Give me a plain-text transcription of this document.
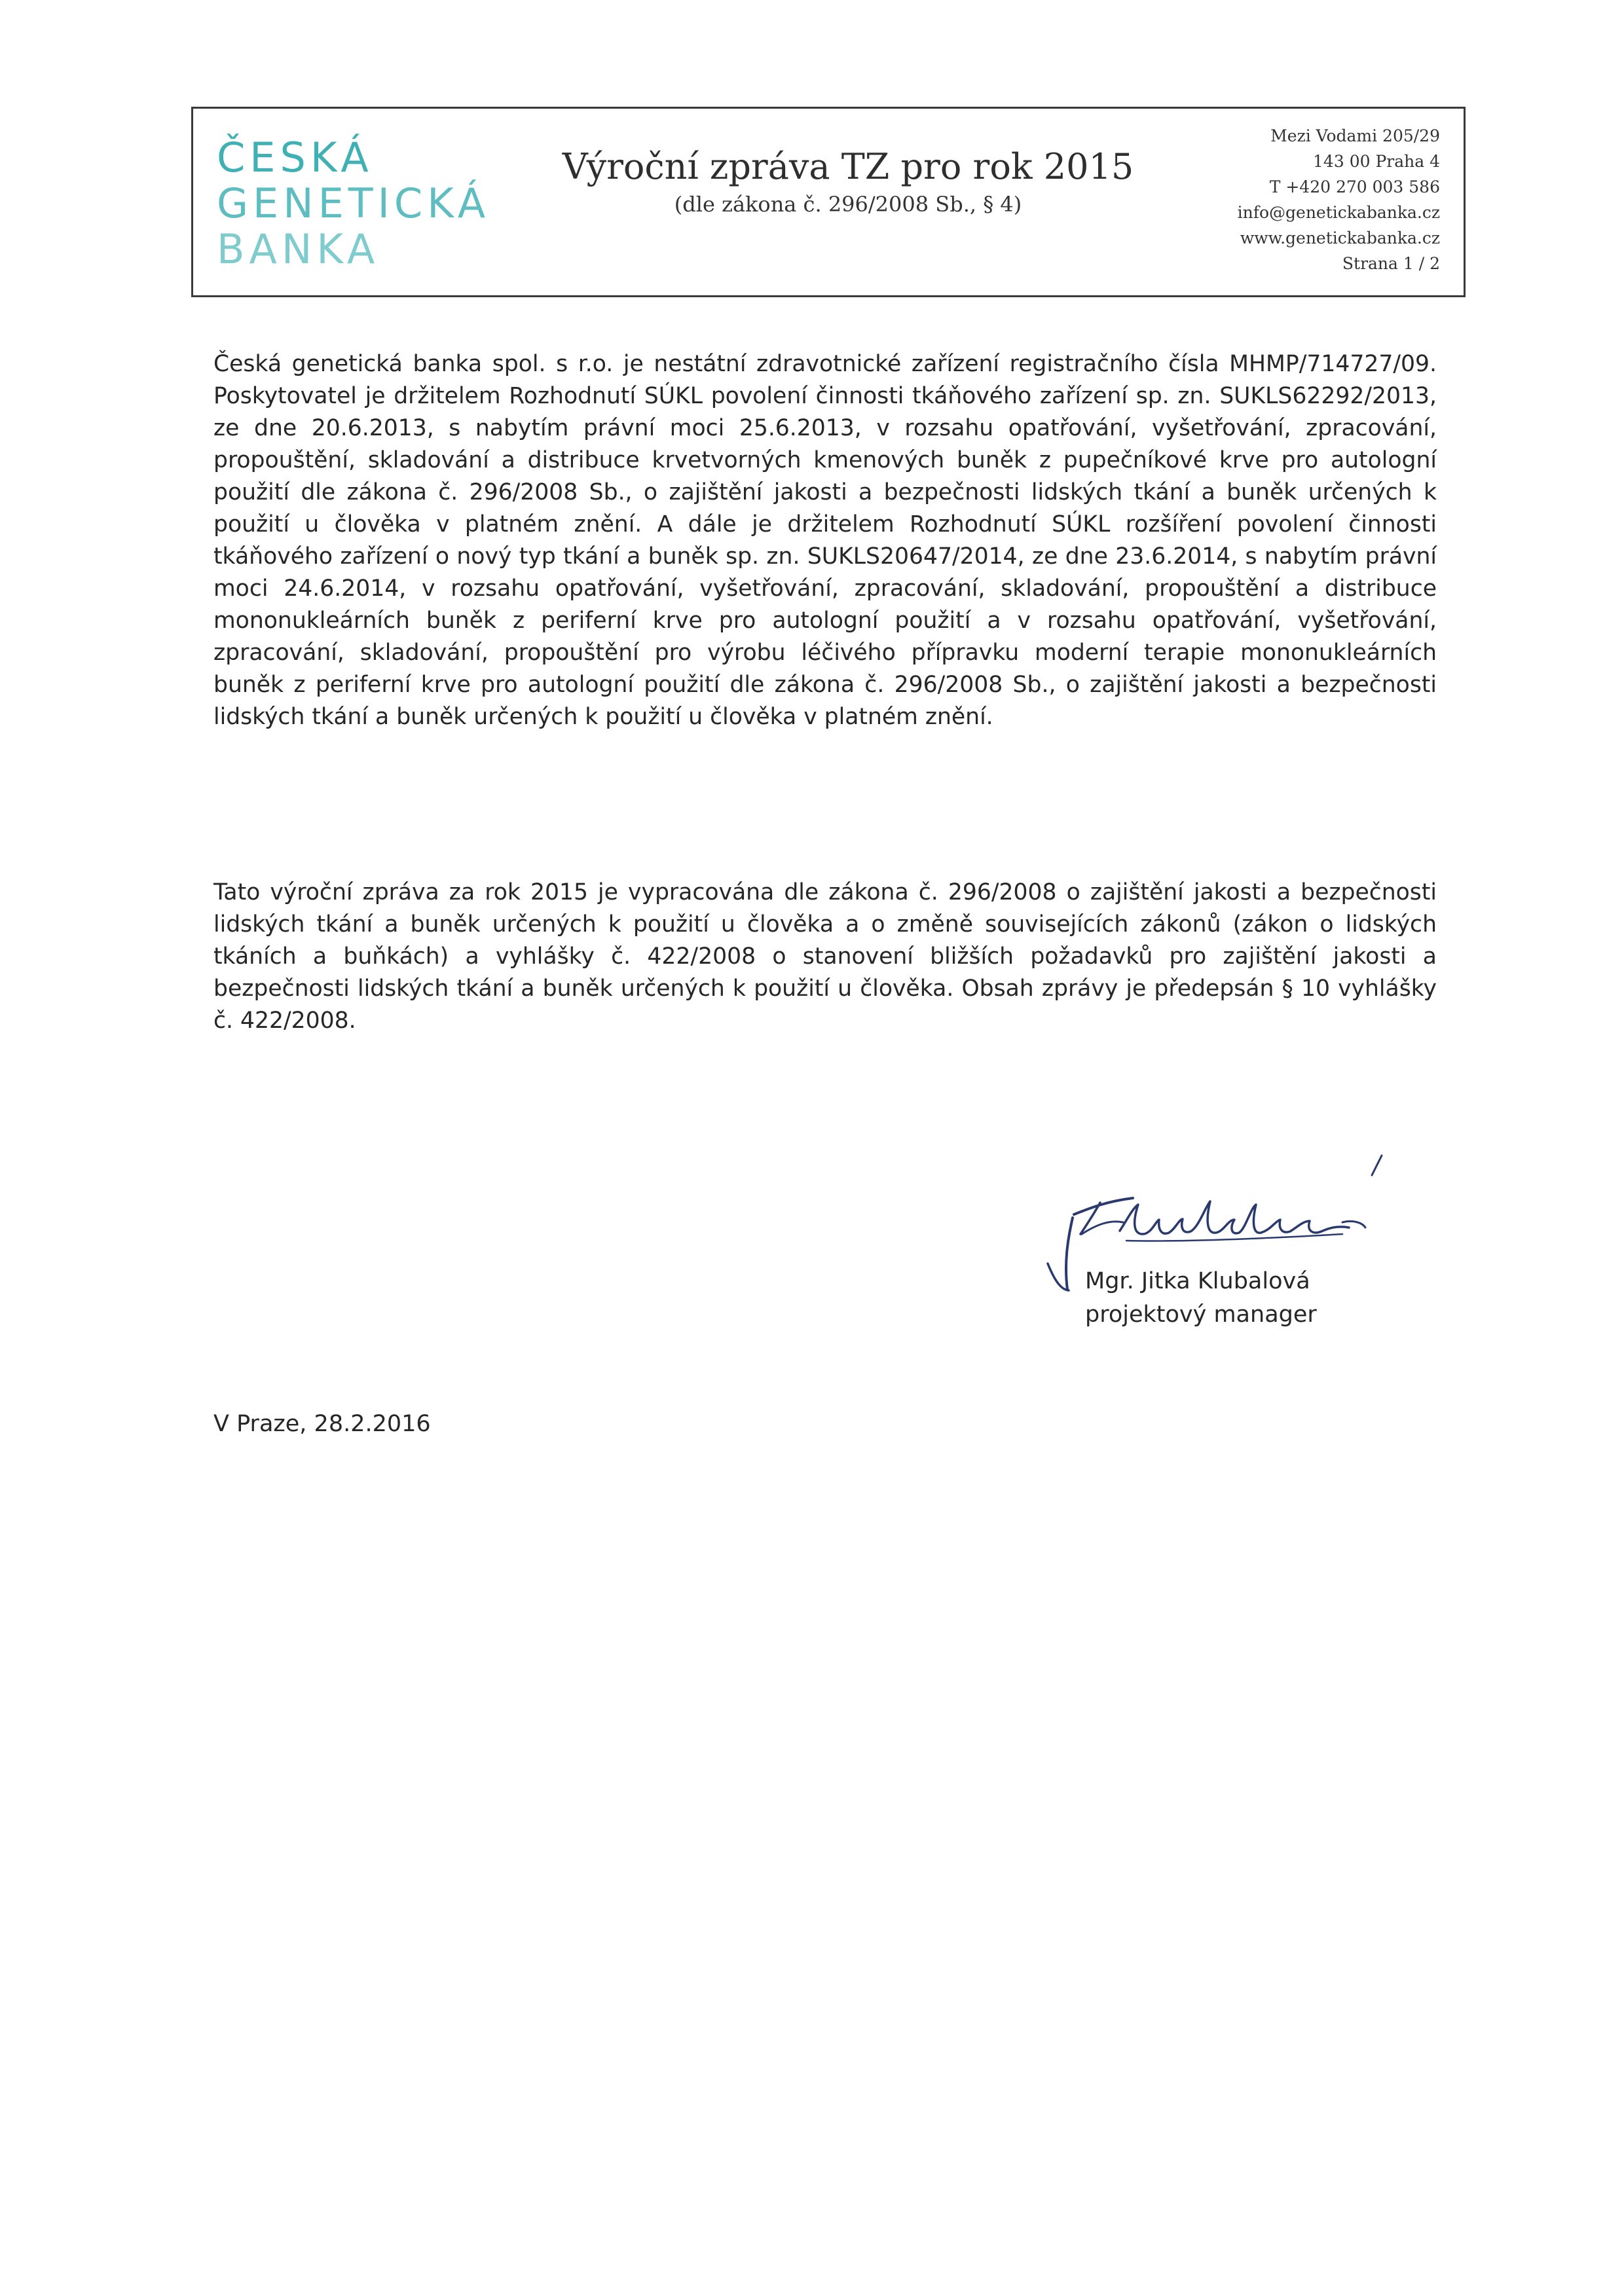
ČESKÁ
GENETICKÁ
BANKA
Výroční zpráva TZ pro rok 2015
(dle zákona č. 296/2008 Sb., § 4)
Mezi Vodami 205/29
143 00 Praha 4
T +420 270 003 586
info@genetickabanka.cz
www.genetickabanka.cz
Strana 1 / 2

Česká genetická banka spol. s r.o. je nestátní zdravotnické zařízení registračního čísla MHMP/714727/09. Poskytovatel je držitelem Rozhodnutí SÚKL povolení činnosti tkáňového zařízení sp. zn. SUKLS62292/2013, ze dne 20.6.2013, s nabytím právní moci 25.6.2013, v rozsahu opatřování, vyšetřování, zpracování, propouštění, skladování a distribuce krvetvorných kmenových buněk z pupečníkové krve pro autologní použití dle zákona č. 296/2008 Sb., o zajištění jakosti a bezpečnosti lidských tkání a buněk určených k použití u člověka v platném znění. A dále je držitelem Rozhodnutí SÚKL rozšíření povolení činnosti tkáňového zařízení o nový typ tkání a buněk sp. zn. SUKLS20647/2014, ze dne 23.6.2014, s nabytím právní moci 24.6.2014, v rozsahu opatřování, vyšetřování, zpracování, skladování, propouštění a distribuce mononukleárních buněk z periferní krve pro autologní použití a v rozsahu opatřování, vyšetřování, zpracování, skladování, propouštění pro výrobu léčivého přípravku moderní terapie mononukleárních buněk z periferní krve pro autologní použití dle zákona č. 296/2008 Sb., o zajištění jakosti a bezpečnosti lidských tkání a buněk určených k použití u člověka v platném znění.

Tato výroční zpráva za rok 2015 je vypracována dle zákona č. 296/2008 o zajištění jakosti a bezpečnosti lidských tkání a buněk určených k použití u člověka a o změně souvisejících zákonů (zákon o lidských tkáních a buňkách) a vyhlášky č. 422/2008 o stanovení bližších požadavků pro zajištění jakosti a bezpečnosti lidských tkání a buněk určených k použití u člověka. Obsah zprávy je předepsán § 10 vyhlášky č. 422/2008.

Mgr. Jitka Klubalová
projektový manager
V Praze, 28.2.2016
